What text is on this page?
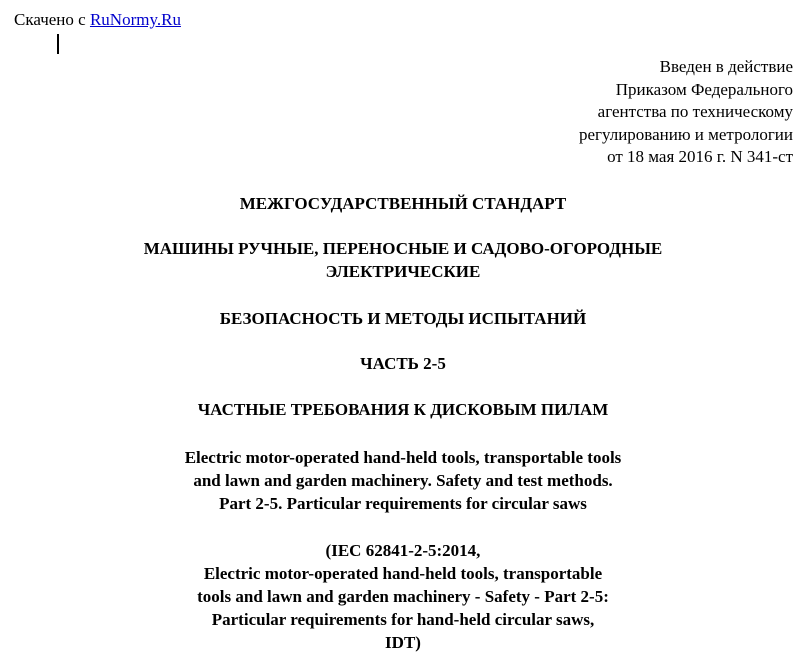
Скачено с RuNormy.Ru
Введен в действие
Приказом Федерального
агентства по техническому
регулированию и метрологии
от 18 мая 2016 г. N 341-ст
МЕЖГОСУДАРСТВЕННЫЙ СТАНДАРТ
МАШИНЫ РУЧНЫЕ, ПЕРЕНОСНЫЕ И САДОВО-ОГОРОДНЫЕ
ЭЛЕКТРИЧЕСКИЕ
БЕЗОПАСНОСТЬ И МЕТОДЫ ИСПЫТАНИЙ
ЧАСТЬ 2-5
ЧАСТНЫЕ ТРЕБОВАНИЯ К ДИСКОВЫМ ПИЛАМ
Electric motor-operated hand-held tools, transportable tools
and lawn and garden machinery. Safety and test methods.
Part 2-5. Particular requirements for circular saws
(IEC 62841-2-5:2014,
Electric motor-operated hand-held tools, transportable
tools and lawn and garden machinery - Safety - Part 2-5:
Particular requirements for hand-held circular saws,
IDT)
